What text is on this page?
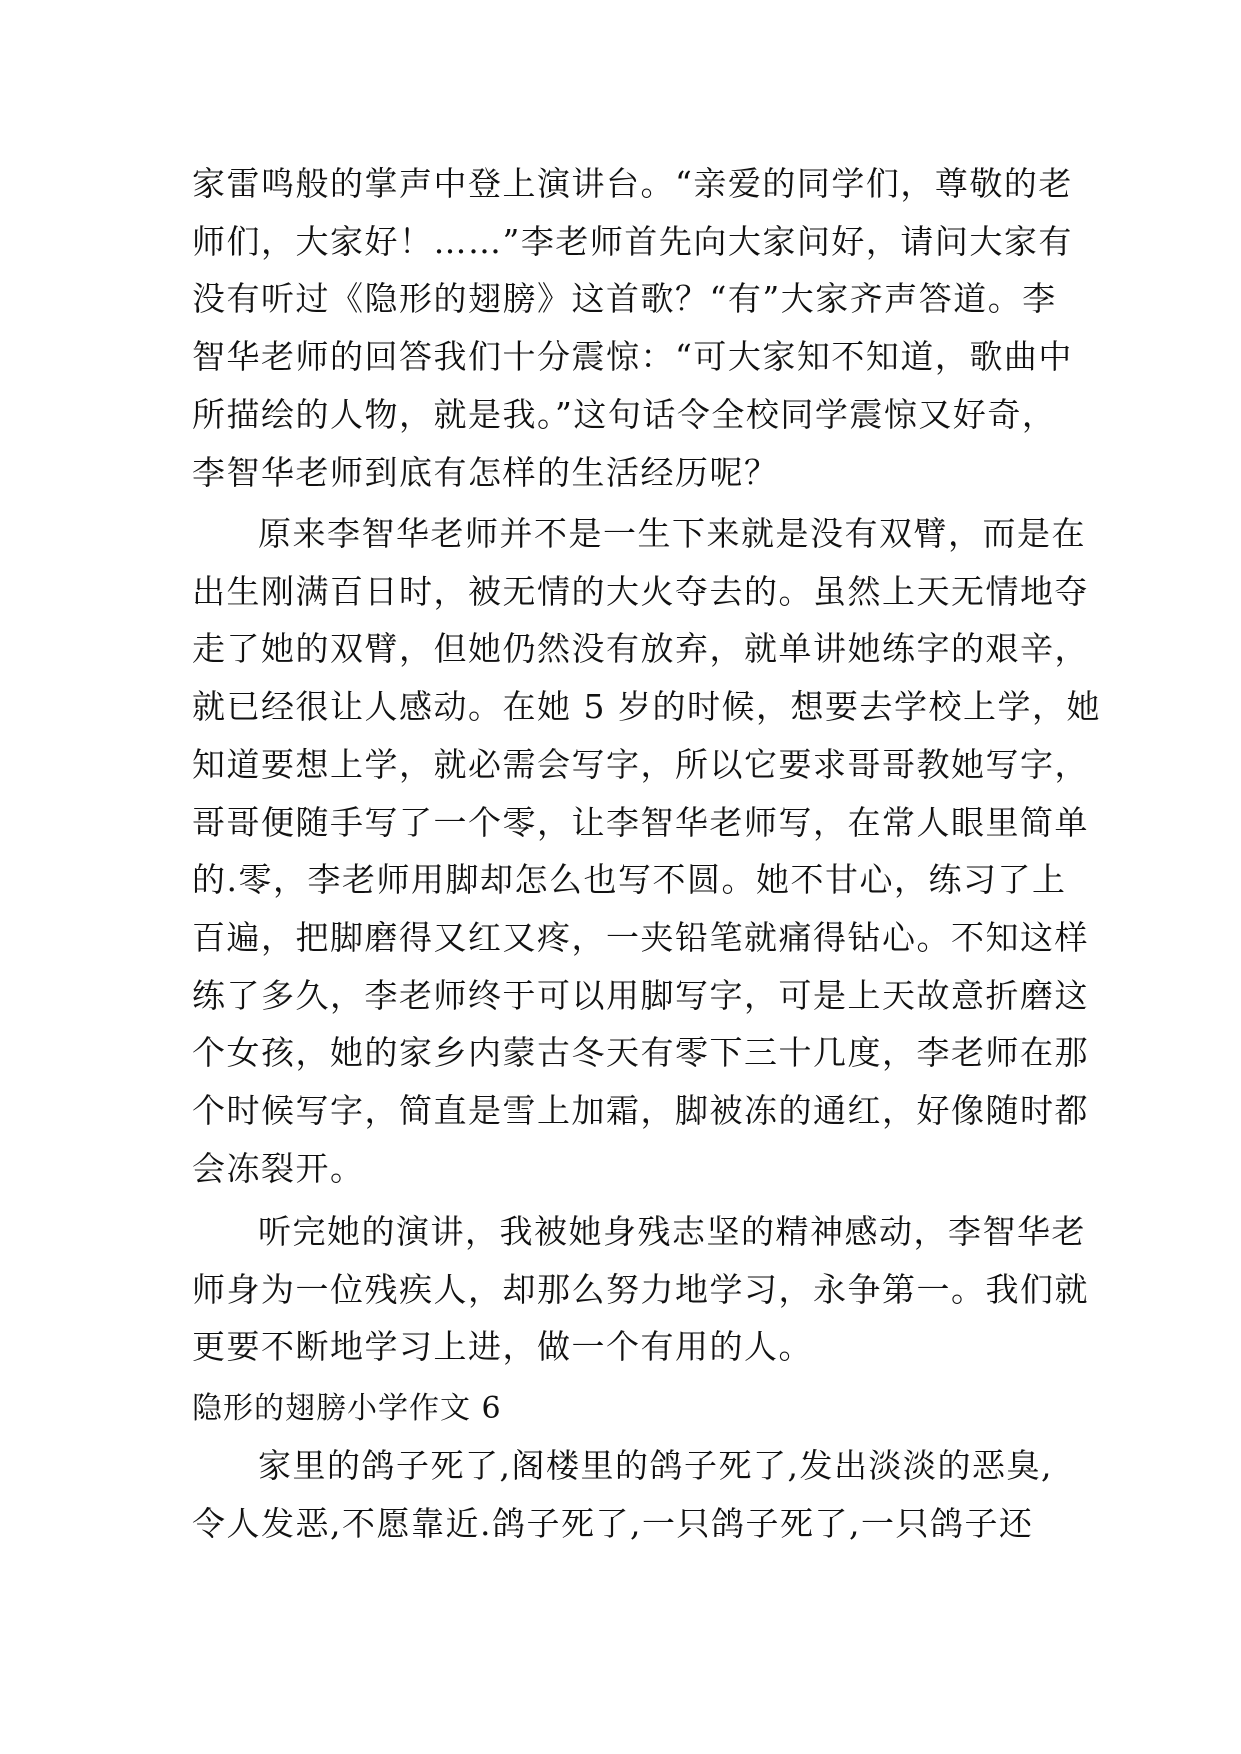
家雷鸣般的掌声中登上演讲台。“亲爱的同学们，尊敬的老
师们，大家好！……”李老师首先向大家问好，请问大家有
没有听过《隐形的翅膀》这首歌？“有”大家齐声答道。李
智华老师的回答我们十分震惊：“可大家知不知道，歌曲中
所描绘的人物，就是我。”这句话令全校同学震惊又好奇，
李智华老师到底有怎样的生活经历呢？
原来李智华老师并不是一生下来就是没有双臂，而是在
出生刚满百日时，被无情的大火夺去的。虽然上天无情地夺
走了她的双臂，但她仍然没有放弃，就单讲她练字的艰辛，
就已经很让人感动。在她 5 岁的时候，想要去学校上学，她
知道要想上学，就必需会写字，所以它要求哥哥教她写字，
哥哥便随手写了一个零，让李智华老师写，在常人眼里简单
的.零，李老师用脚却怎么也写不圆。她不甘心，练习了上
百遍，把脚磨得又红又疼，一夹铅笔就痛得钻心。不知这样
练了多久，李老师终于可以用脚写字，可是上天故意折磨这
个女孩，她的家乡内蒙古冬天有零下三十几度，李老师在那
个时候写字，简直是雪上加霜，脚被冻的通红，好像随时都
会冻裂开。
听完她的演讲，我被她身残志坚的精神感动，李智华老
师身为一位残疾人，却那么努力地学习，永争第一。我们就
更要不断地学习上进，做一个有用的人。
隐形的翅膀小学作文 6
家里的鸽子死了,阁楼里的鸽子死了,发出淡淡的恶臭,
令人发恶,不愿靠近.鸽子死了,一只鸽子死了,一只鸽子还
